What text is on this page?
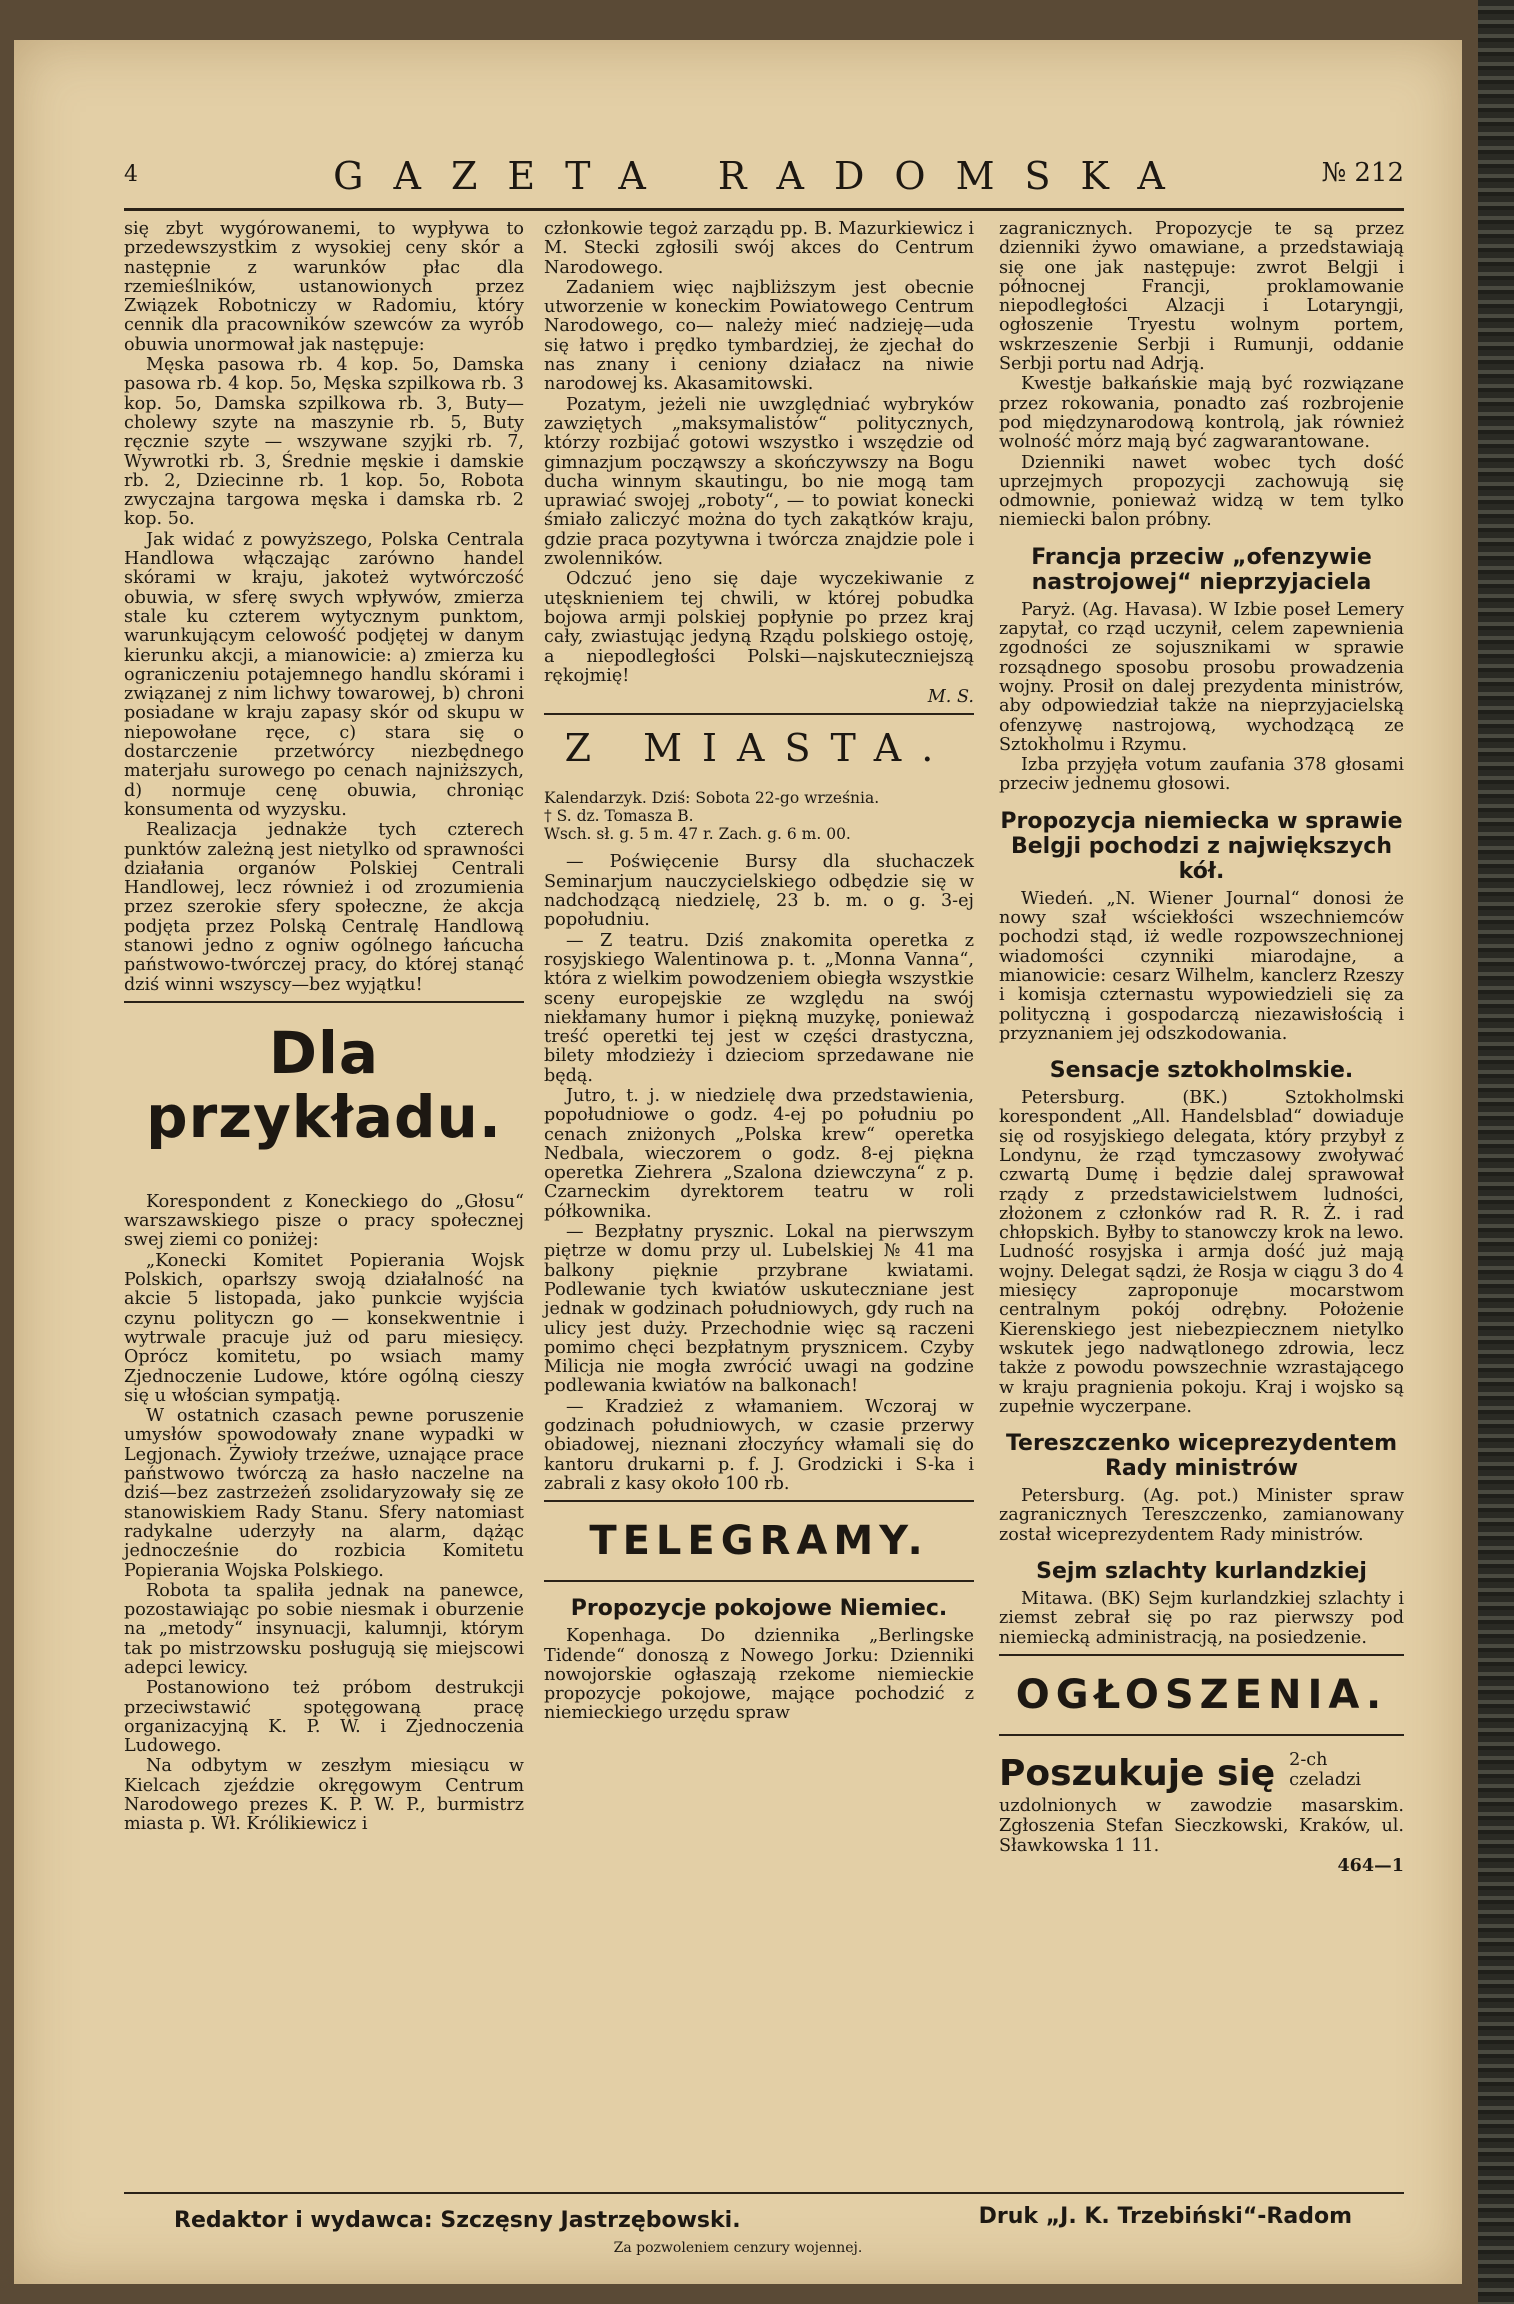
4	GAZETA RADOMSKA	№ 212

się zbyt wygórowanemi, to wypływa to przedewszystkim z wysokiej ceny skór a następnie z warunków płac dla rzemieślników, ustanowionych przez Związek Robotniczy w Radomiu, który cennik dla pracowników szewców za wyrób obuwia unormował jak następuje:

Męska pasowa rb. 4 kop. 5o, Damska pasowa rb. 4 kop. 5o, Męska szpilkowa rb. 3 kop. 5o, Damska szpilkowa rb. 3, Buty—cholewy szyte na maszynie rb. 5, Buty ręcznie szyte — wszywane szyjki rb. 7, Wywrotki rb. 3, Średnie męskie i damskie rb. 2, Dziecinne rb. 1 kop. 5o, Robota zwyczajna targowa męska i damska rb. 2 kop. 5o.

Jak widać z powyższego, Polska Centrala Handlowa włączając zarówno handel skórami w kraju, jakoteż wytwórczość obuwia, w sferę swych wpływów, zmierza stale ku czterem wytycznym punktom, warunkującym celowość podjętej w danym kierunku akcji, a mianowicie: a) zmierza ku ograniczeniu potajemnego handlu skórami i związanej z nim lichwy towarowej, b) chroni posiadane w kraju zapasy skór od skupu w niepowołane ręce, c) stara się o dostarczenie przetwórcy niezbędnego materjału surowego po cenach najniższych, d) normuje cenę obuwia, chroniąc konsumenta od wyzysku.

Realizacja jednakże tych czterech punktów zależną jest nietylko od sprawności działania organów Polskiej Centrali Handlowej, lecz również i od zrozumienia przez szerokie sfery społeczne, że akcja podjęta przez Polską Centralę Handlową stanowi jedno z ogniw ogólnego łańcucha państwowo-twórczej pracy, do której stanąć dziś winni wszyscy—bez wyjątku!

Dla przykładu.

Korespondent z Koneckiego do „Głosu“ warszawskiego pisze o pracy społecznej swej ziemi co poniżej:

„Konecki Komitet Popierania Wojsk Polskich, oparłszy swoją działalność na akcie 5 listopada, jako punkcie wyjścia czynu polityczn go — konsekwentnie i wytrwale pracuje już od paru miesięcy. Oprócz komitetu, po wsiach mamy Zjednoczenie Ludowe, które ogólną cieszy się u włościan sympatją.

W ostatnich czasach pewne poruszenie umysłów spowodowały znane wypadki w Legjonach. Żywioły trzeźwe, uznające prace państwowo twórczą za hasło naczelne na dziś—bez zastrzeżeń zsolidaryzowały się ze stanowiskiem Rady Stanu. Sfery natomiast radykalne uderzyły na alarm, dążąc jednocześnie do rozbicia Komitetu Popierania Wojska Polskiego.

Robota ta spaliła jednak na panewce, pozostawiając po sobie niesmak i oburzenie na „metody“ insynuacji, kalumnji, którym tak po mistrzowsku posługują się miejscowi adepci lewicy.

Postanowiono też próbom destrukcji przeciwstawić spotęgowaną pracę organizacyjną K. P. W. i Zjednoczenia Ludowego.

Na odbytym w zeszłym miesiącu w Kielcach zjeździe okręgowym Centrum Narodowego prezes K. P. W. P., burmistrz miasta p. Wł. Królikiewicz i

członkowie tegoż zarządu pp. B. Mazurkiewicz i M. Stecki zgłosili swój akces do Centrum Narodowego.

Zadaniem więc najbliższym jest obecnie utworzenie w koneckim Powiatowego Centrum Narodowego, co— należy mieć nadzieję—uda się łatwo i prędko tymbardziej, że zjechał do nas znany i ceniony działacz na niwie narodowej ks. Akasamitowski.

Pozatym, jeżeli nie uwzględniać wybryków zawziętych „maksymalistów“ politycznych, którzy rozbijać gotowi wszystko i wszędzie od gimnazjum począwszy a skończywszy na Bogu ducha winnym skautingu, bo nie mogą tam uprawiać swojej „roboty“, — to powiat konecki śmiało zaliczyć można do tych zakątków kraju, gdzie praca pozytywna i twórcza znajdzie pole i zwolenników.

Odczuć jeno się daje wyczekiwanie z utęsknieniem tej chwili, w której pobudka bojowa armji polskiej popłynie po przez kraj cały, zwiastując jedyną Rządu polskiego ostoję, a niepodległości Polski—najskuteczniejszą rękojmię!

M. S.
Z MIASTA.
Kalendarzyk. Dziś: Sobota 22-go września.
† S. dz. Tomasza B.
Wsch. sł. g. 5 m. 47 r. Zach. g. 6 m. 00.

— Poświęcenie Bursy dla słuchaczek Seminarjum nauczycielskiego odbędzie się w nadchodzącą niedzielę, 23 b. m. o g. 3-ej popołudniu.

— Z teatru. Dziś znakomita operetka z rosyjskiego Walentinowa p. t. „Monna Vanna“, która z wielkim powodzeniem obiegła wszystkie sceny europejskie ze względu na swój niekłamany humor i piękną muzykę, ponieważ treść operetki tej jest w części drastyczna, bilety młodzieży i dzieciom sprzedawane nie będą.

Jutro, t. j. w niedzielę dwa przedstawienia, popołudniowe o godz. 4-ej po południu po cenach zniżonych „Polska krew“ operetka Nedbala, wieczorem o godz. 8-ej piękna operetka Ziehrera „Szalona dziewczyna“ z p. Czarneckim dyrektorem teatru w roli półkownika.

— Bezpłatny prysznic. Lokal na pierwszym piętrze w domu przy ul. Lubelskiej № 41 ma balkony pięknie przybrane kwiatami. Podlewanie tych kwiatów uskuteczniane jest jednak w godzinach południowych, gdy ruch na ulicy jest duży. Przechodnie więc są raczeni pomimo chęci bezpłatnym prysznicem. Czyby Milicja nie mogła zwrócić uwagi na godzine podlewania kwiatów na balkonach!

— Kradzież z włamaniem. Wczoraj w godzinach południowych, w czasie przerwy obiadowej, nieznani złoczyńcy włamali się do kantoru drukarni p. f. J. Grodzicki i S-ka i zabrali z kasy około 100 rb.

TELEGRAMY.
Propozycje pokojowe Niemiec.

Kopenhaga. Do dziennika „Berlingske Tidende“ donoszą z Nowego Jorku: Dzienniki nowojorskie ogłaszają rzekome niemieckie propozycje pokojowe, mające pochodzić z niemieckiego urzędu spraw

zagranicznych. Propozycje te są przez dzienniki żywo omawiane, a przedstawiają się one jak następuje: zwrot Belgji i północnej Francji, proklamowanie niepodległości Alzacji i Lotaryngji, ogłoszenie Tryestu wolnym portem, wskrzeszenie Serbji i Rumunji, oddanie Serbji portu nad Adrją.

Kwestje bałkańskie mają być rozwiązane przez rokowania, ponadto zaś rozbrojenie pod międzynarodową kontrolą, jak również wolność mórz mają być zagwarantowane.

Dzienniki nawet wobec tych dość uprzejmych propozycji zachowują się odmownie, ponieważ widzą w tem tylko niemiecki balon próbny.

Francja przeciw „ofenzywie nastrojowej“ nieprzyjaciela

Paryż. (Ag. Havasa). W Izbie poseł Lemery zapytał, co rząd uczynił, celem zapewnienia zgodności ze sojusznikami w sprawie rozsądnego sposobu prosobu prowadzenia wojny. Prosił on dalej prezydenta ministrów, aby odpowiedział także na nieprzyjacielską ofenzywę nastrojową, wychodzącą ze Sztokholmu i Rzymu.

Izba przyjęła votum zaufania 378 głosami przeciw jednemu głosowi.

Propozycja niemiecka w sprawie Belgji pochodzi z największych kół.

Wiedeń. „N. Wiener Journal“ donosi że nowy szał wściekłości wszechniemców pochodzi stąd, iż wedle rozpowszechnionej wiadomości czynniki miarodajne, a mianowicie: cesarz Wilhelm, kanclerz Rzeszy i komisja czternastu wypowiedzieli się za polityczną i gospodarczą niezawisłością i przyznaniem jej odszkodowania.

Sensacje sztokholmskie.

Petersburg. (BK.) Sztokholmski korespondent „All. Handelsblad“ dowiaduje się od rosyjskiego delegata, który przybył z Londynu, że rząd tymczasowy zwoływać czwartą Dumę i będzie dalej sprawował rządy z przedstawicielstwem ludności, złożonem z członków rad R. R. Ż. i rad chłopskich. Byłby to stanowczy krok na lewo. Ludność rosyjska i armja dość już mają wojny. Delegat sądzi, że Rosja w ciągu 3 do 4 miesięcy zaproponuje mocarstwom centralnym pokój odrębny. Położenie Kierenskiego jest niebezpiecznem nietylko wskutek jego nadwątlonego zdrowia, lecz także z powodu powszechnie wzrastającego w kraju pragnienia pokoju. Kraj i wojsko są zupełnie wyczerpane.

Tereszczenko wiceprezydentem Rady ministrów

Petersburg. (Ag. pot.) Minister spraw zagranicznych Tereszczenko, zamianowany został wiceprezydentem Rady ministrów.

Sejm szlachty kurlandzkiej

Mitawa. (BK) Sejm kurlandzkiej szlachty i ziemst zebrał się po raz pierwszy pod niemiecką administracją, na posiedzenie.

OGŁOSZENIA.
Poszukuje się 2-ch czeladzi uzdolnionych w zawodzie masarskim. Zgłoszenia Stefan Sieczkowski, Kraków, ul. Sławkowska 1 11.
464—1
Redaktor i wydawca: Szczęsny Jastrzębowski.	Druk „J. K. Trzebiński“-Radom
Za pozwoleniem cenzury wojennej.
